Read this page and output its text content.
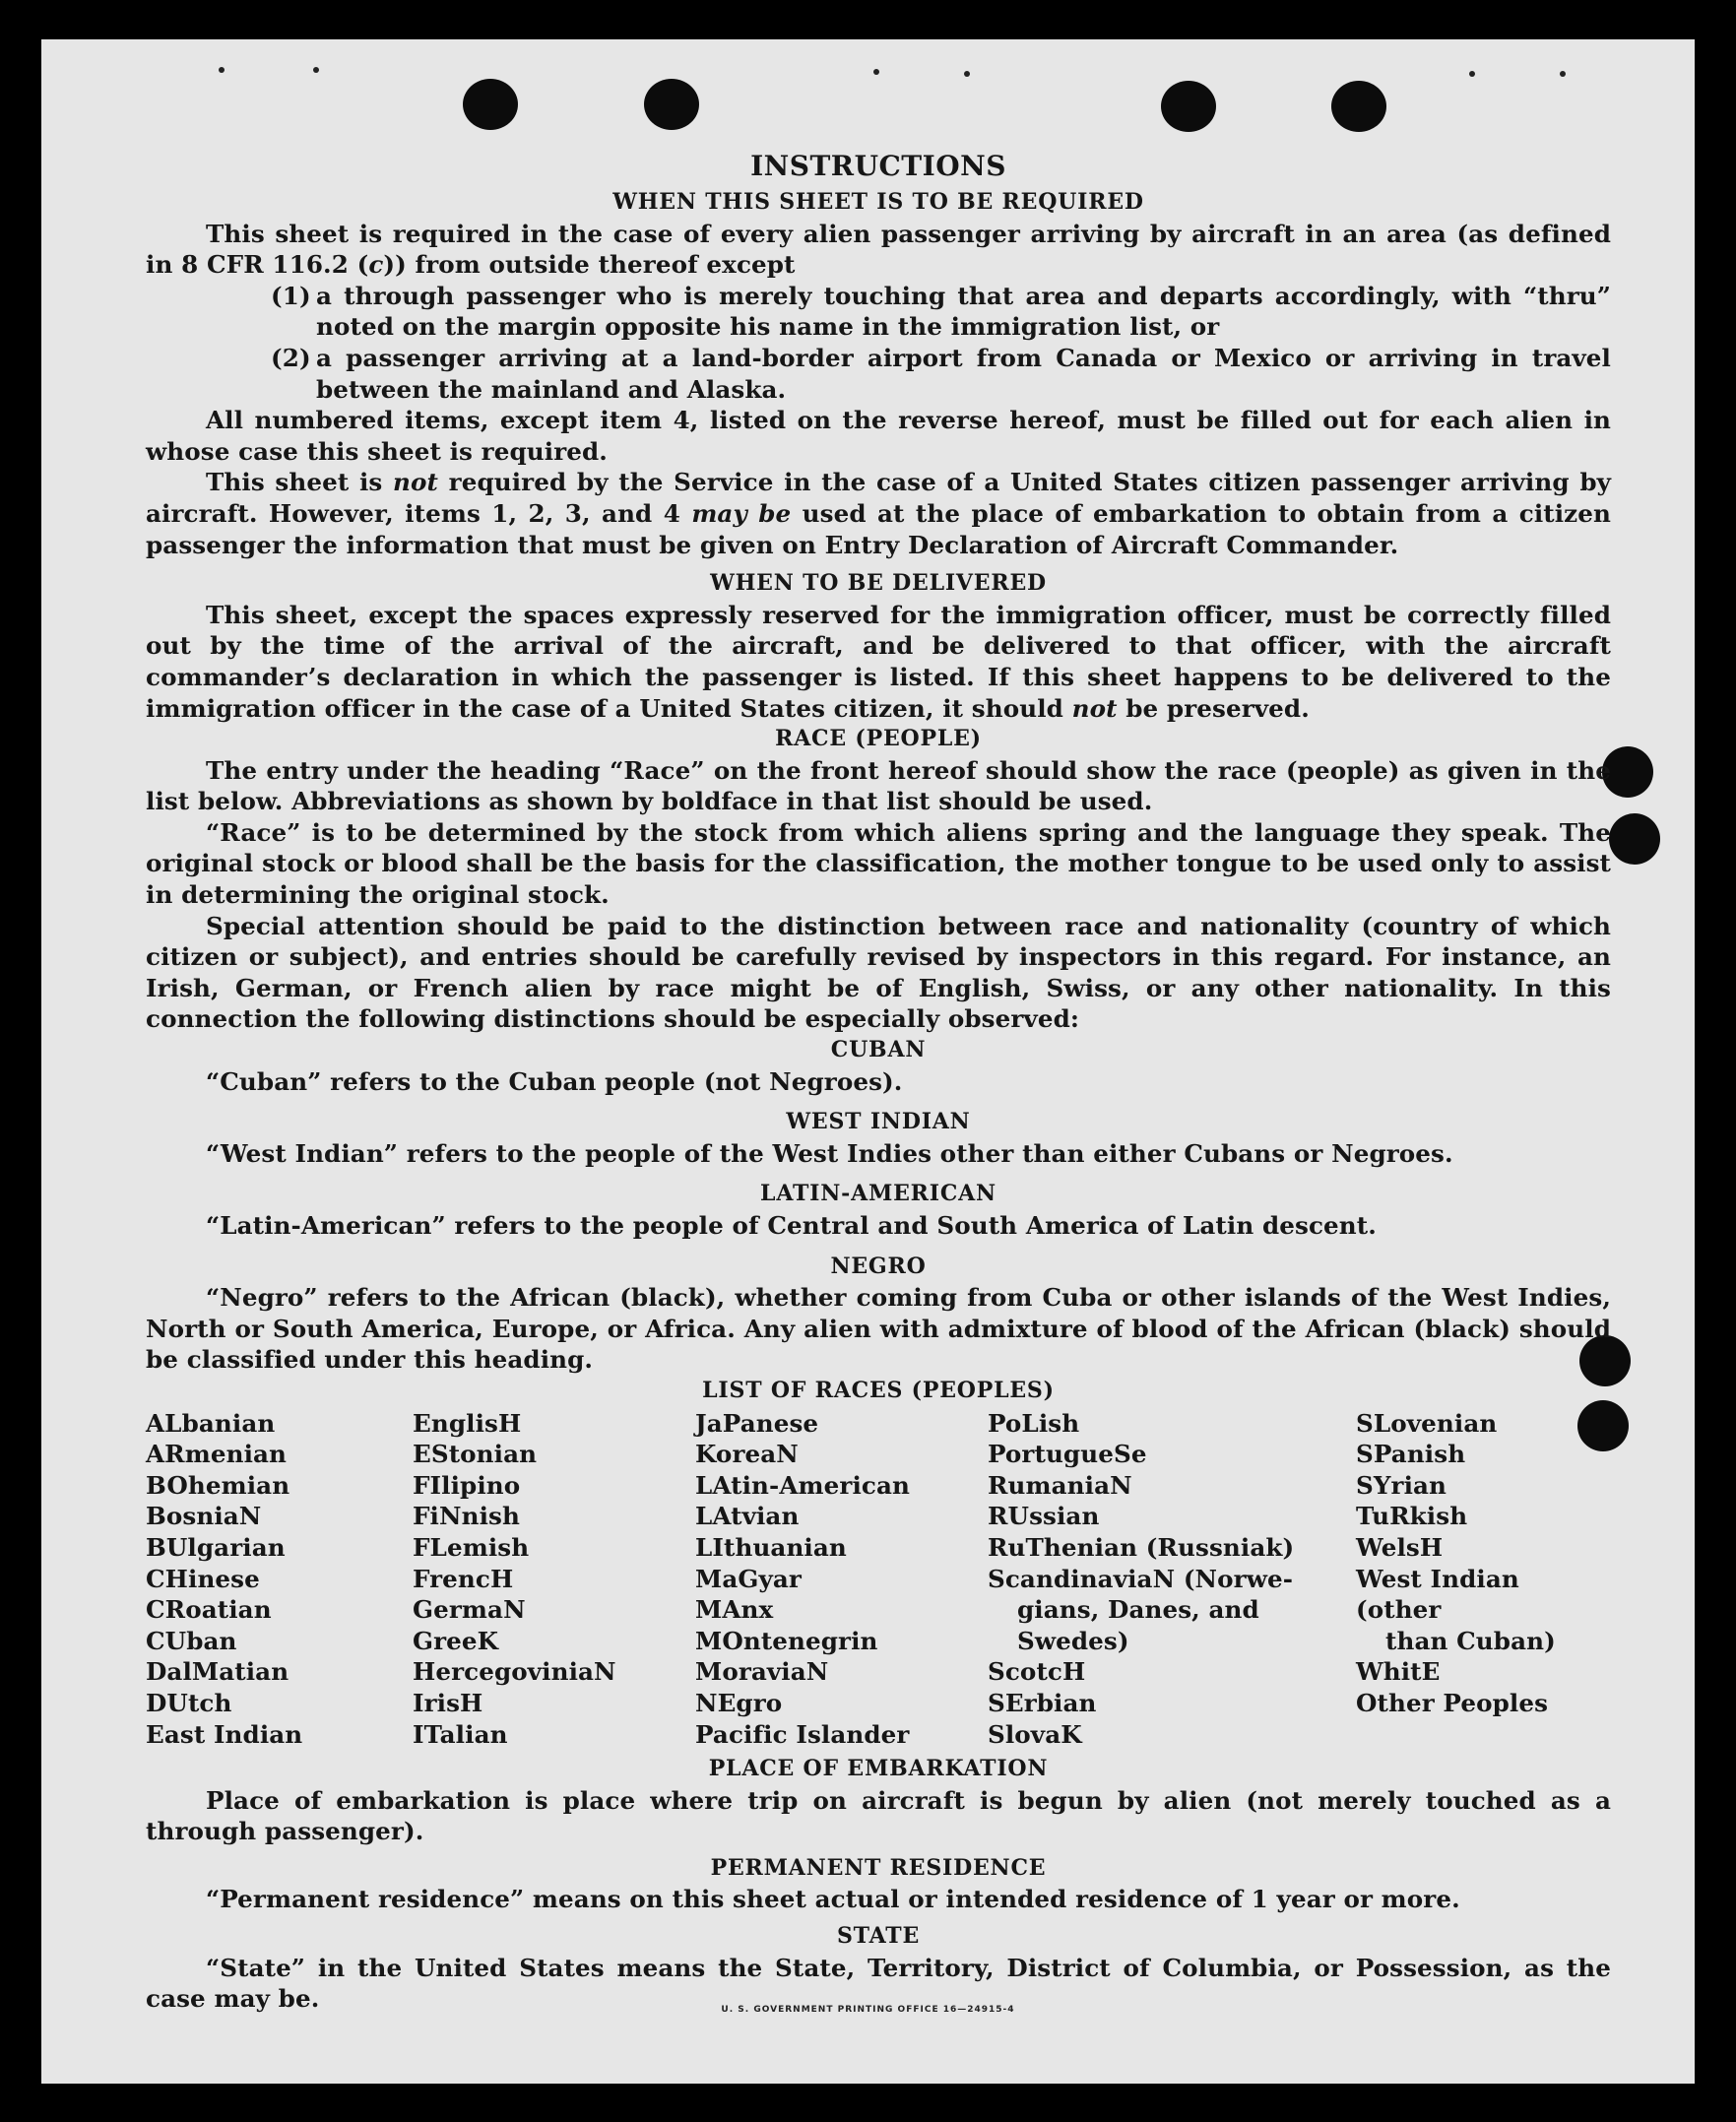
INSTRUCTIONS
WHEN THIS SHEET IS TO BE REQUIRED

This sheet is required in the case of every alien passenger arriving by aircraft in an area (as defined in 8 CFR 116.2 (c)) from outside thereof except

(1) a through passenger who is merely touching that area and departs accordingly, with “thru” noted on the margin opposite his name in the immigration list, or
(2) a passenger arriving at a land-border airport from Canada or Mexico or arriving in travel between the mainland and Alaska.

All numbered items, except item 4, listed on the reverse hereof, must be filled out for each alien in whose case this sheet is required.

This sheet is not required by the Service in the case of a United States citizen passenger arriving by aircraft. However, items 1, 2, 3, and 4 may be used at the place of embarkation to obtain from a citizen passenger the information that must be given on Entry Declaration of Aircraft Commander.

WHEN TO BE DELIVERED

This sheet, except the spaces expressly reserved for the immigration officer, must be correctly filled out by the time of the arrival of the aircraft, and be delivered to that officer, with the aircraft commander’s declaration in which the passenger is listed. If this sheet happens to be delivered to the immigration officer in the case of a United States citizen, it should not be preserved.

RACE (PEOPLE)

The entry under the heading “Race” on the front hereof should show the race (people) as given in the list below. Abbreviations as shown by boldface in that list should be used.

“Race” is to be determined by the stock from which aliens spring and the language they speak. The original stock or blood shall be the basis for the classification, the mother tongue to be used only to assist in determining the original stock.

Special attention should be paid to the distinction between race and nationality (country of which citizen or subject), and entries should be carefully revised by inspectors in this regard. For instance, an Irish, German, or French alien by race might be of English, Swiss, or any other nationality. In this connection the following distinctions should be especially observed:

CUBAN

“Cuban” refers to the Cuban people (not Negroes).

WEST INDIAN

“West Indian” refers to the people of the West Indies other than either Cubans or Negroes.

LATIN-AMERICAN

“Latin-American” refers to the people of Central and South America of Latin descent.

NEGRO

“Negro” refers to the African (black), whether coming from Cuba or other islands of the West Indies, North or South America, Europe, or Africa. Any alien with admixture of blood of the African (black) should be classified under this heading.

LIST OF RACES (PEOPLES)
ALbanian
ARmenian
BOhemian
BosniaN
BUlgarian
CHinese
CRoatian
CUban
DalMatian
DUtch
East Indian
EnglisH
EStonian
FIlipino
FiNnish
FLemish
FrencH
GermaN
GreeK
HercegoviniaN
IrisH
ITalian
JaPanese
KoreaN
LAtin-American
LAtvian
LIthuanian
MaGyar
MAnx
MOntenegrin
MoraviaN
NEgro
Pacific Islander
PoLish
PortugueSe
RumaniaN
RUssian
RuThenian (Russniak)
ScandinaviaN (Norwe-
gians, Danes, and
Swedes)
ScotcH
SErbian
SlovaK
SLovenian
SPanish
SYrian
TuRkish
WelsH
West Indian (other
than Cuban)
WhitE
Other Peoples
PLACE OF EMBARKATION

Place of embarkation is place where trip on aircraft is begun by alien (not merely touched as a through passenger).

PERMANENT RESIDENCE

“Permanent residence” means on this sheet actual or intended residence of 1 year or more.

STATE

“State” in the United States means the State, Territory, District of Columbia, or Possession, as the case may be.	U. S. GOVERNMENT PRINTING OFFICE 16—24915-4
